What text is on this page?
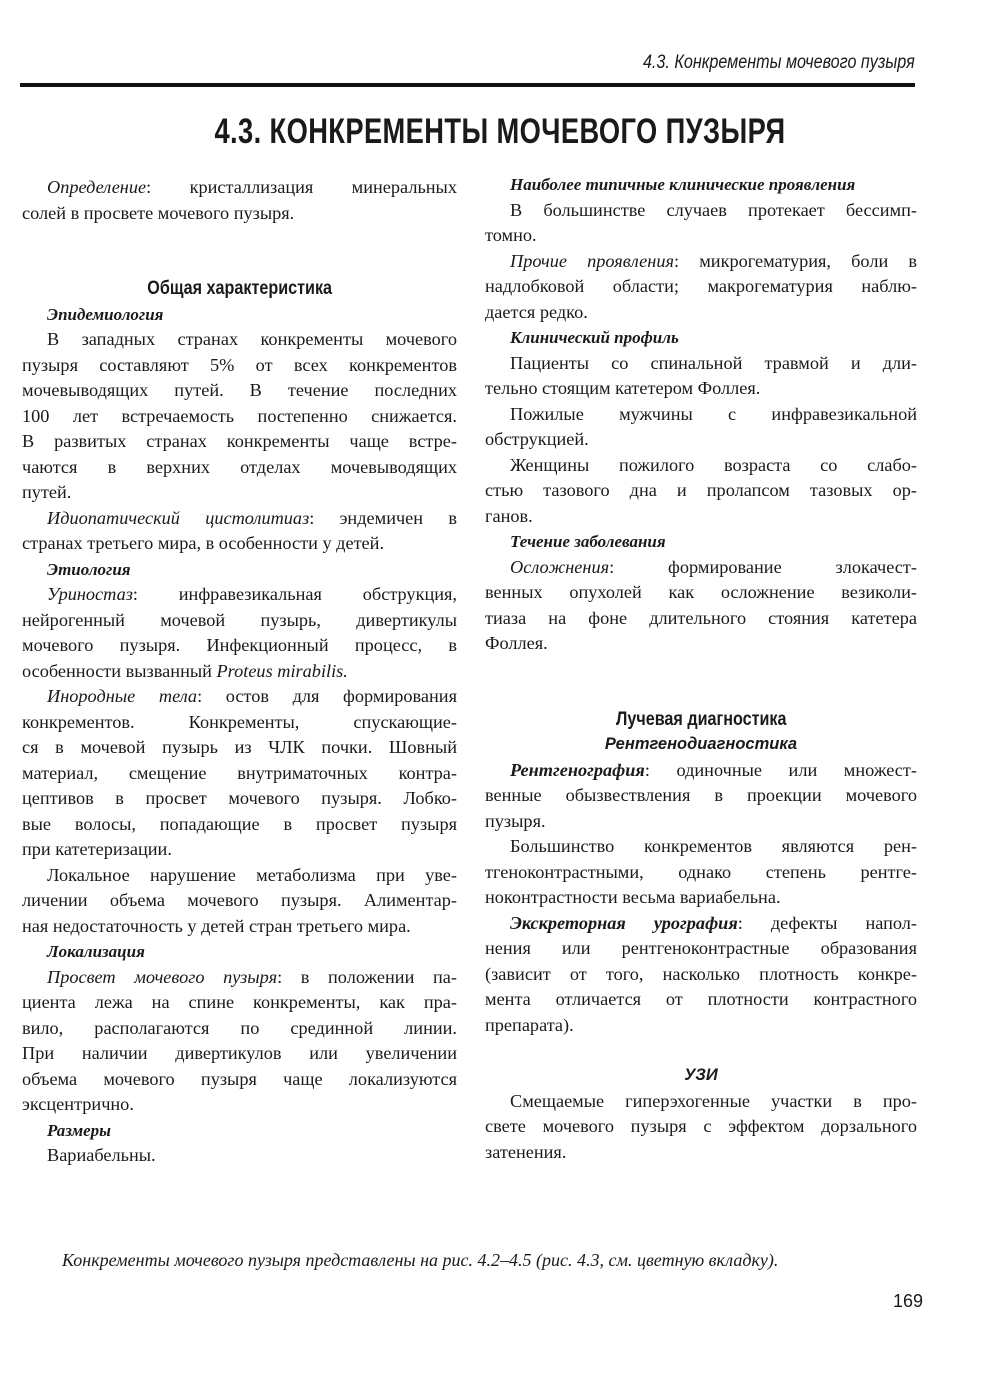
4.3. Конкременты мочевого пузыря
4.3. КОНКРЕМЕНТЫ МОЧЕВОГО ПУЗЫРЯ
Определение: кристаллизация минеральных
солей в просвете мочевого пузыря.
Общая характеристика
Эпидемиология
В западных странах конкременты мочевого
пузыря составляют 5% от всех конкрементов
мочевыводящих путей. В течение последних
100 лет встречаемость постепенно снижается.
В развитых странах конкременты чаще встре-
чаются в верхних отделах мочевыводящих
путей.
Идиопатический цистолитиаз: эндемичен в
странах третьего мира, в особенности у детей.
Этиология
Уриностаз: инфравезикальная обструкция,
нейрогенный мочевой пузырь, дивертикулы
мочевого пузыря. Инфекционный процесс, в
особенности вызванный Proteus mirabilis.
Инородные тела: остов для формирования
конкрементов. Конкременты, спускающие-
ся в мочевой пузырь из ЧЛК почки. Шовный
материал, смещение внутриматочных контра-
цептивов в просвет мочевого пузыря. Лобко-
вые волосы, попадающие в просвет пузыря
при катетеризации.
Локальное нарушение метаболизма при уве-
личении объема мочевого пузыря. Алиментар-
ная недостаточность у детей стран третьего мира.
Локализация
Просвет мочевого пузыря: в положении па-
циента лежа на спине конкременты, как пра-
вило, располагаются по срединной линии.
При наличии дивертикулов или увеличении
объема мочевого пузыря чаще локализуются
эксцентрично.
Размеры
Вариабельны.
Наиболее типичные клинические проявления
В большинстве случаев протекает бессимп-
томно.
Прочие проявления: микрогематурия, боли в
надлобковой области; макрогематурия наблю-
дается редко.
Клинический профиль
Пациенты со спинальной травмой и дли-
тельно стоящим катетером Фоллея.
Пожилые мужчины с инфравезикальной
обструкцией.
Женщины пожилого возраста со слабо-
стью тазового дна и пролапсом тазовых ор-
ганов.
Течение заболевания
Осложнения: формирование злокачест-
венных опухолей как осложнение везиколи-
тиаза на фоне длительного стояния катетера
Фоллея.
Лучевая диагностика
Рентгенодиагностика
Рентгенография: одиночные или множест-
венные обызвествления в проекции мочевого
пузыря.
Большинство конкрементов являются рен-
тгеноконтрастными, однако степень рентге-
ноконтрастности весьма вариабельна.
Экскреторная урография: дефекты напол-
нения или рентгеноконтрастные образования
(зависит от того, насколько плотность конкре-
мента отличается от плотности контрастного
препарата).
УЗИ
Смещаемые гиперэхогенные участки в про-
свете мочевого пузыря с эффектом дорзального
затенения.
Конкременты мочевого пузыря представлены на рис. 4.2–4.5 (рис. 4.3, см. цветную вкладку).
169
